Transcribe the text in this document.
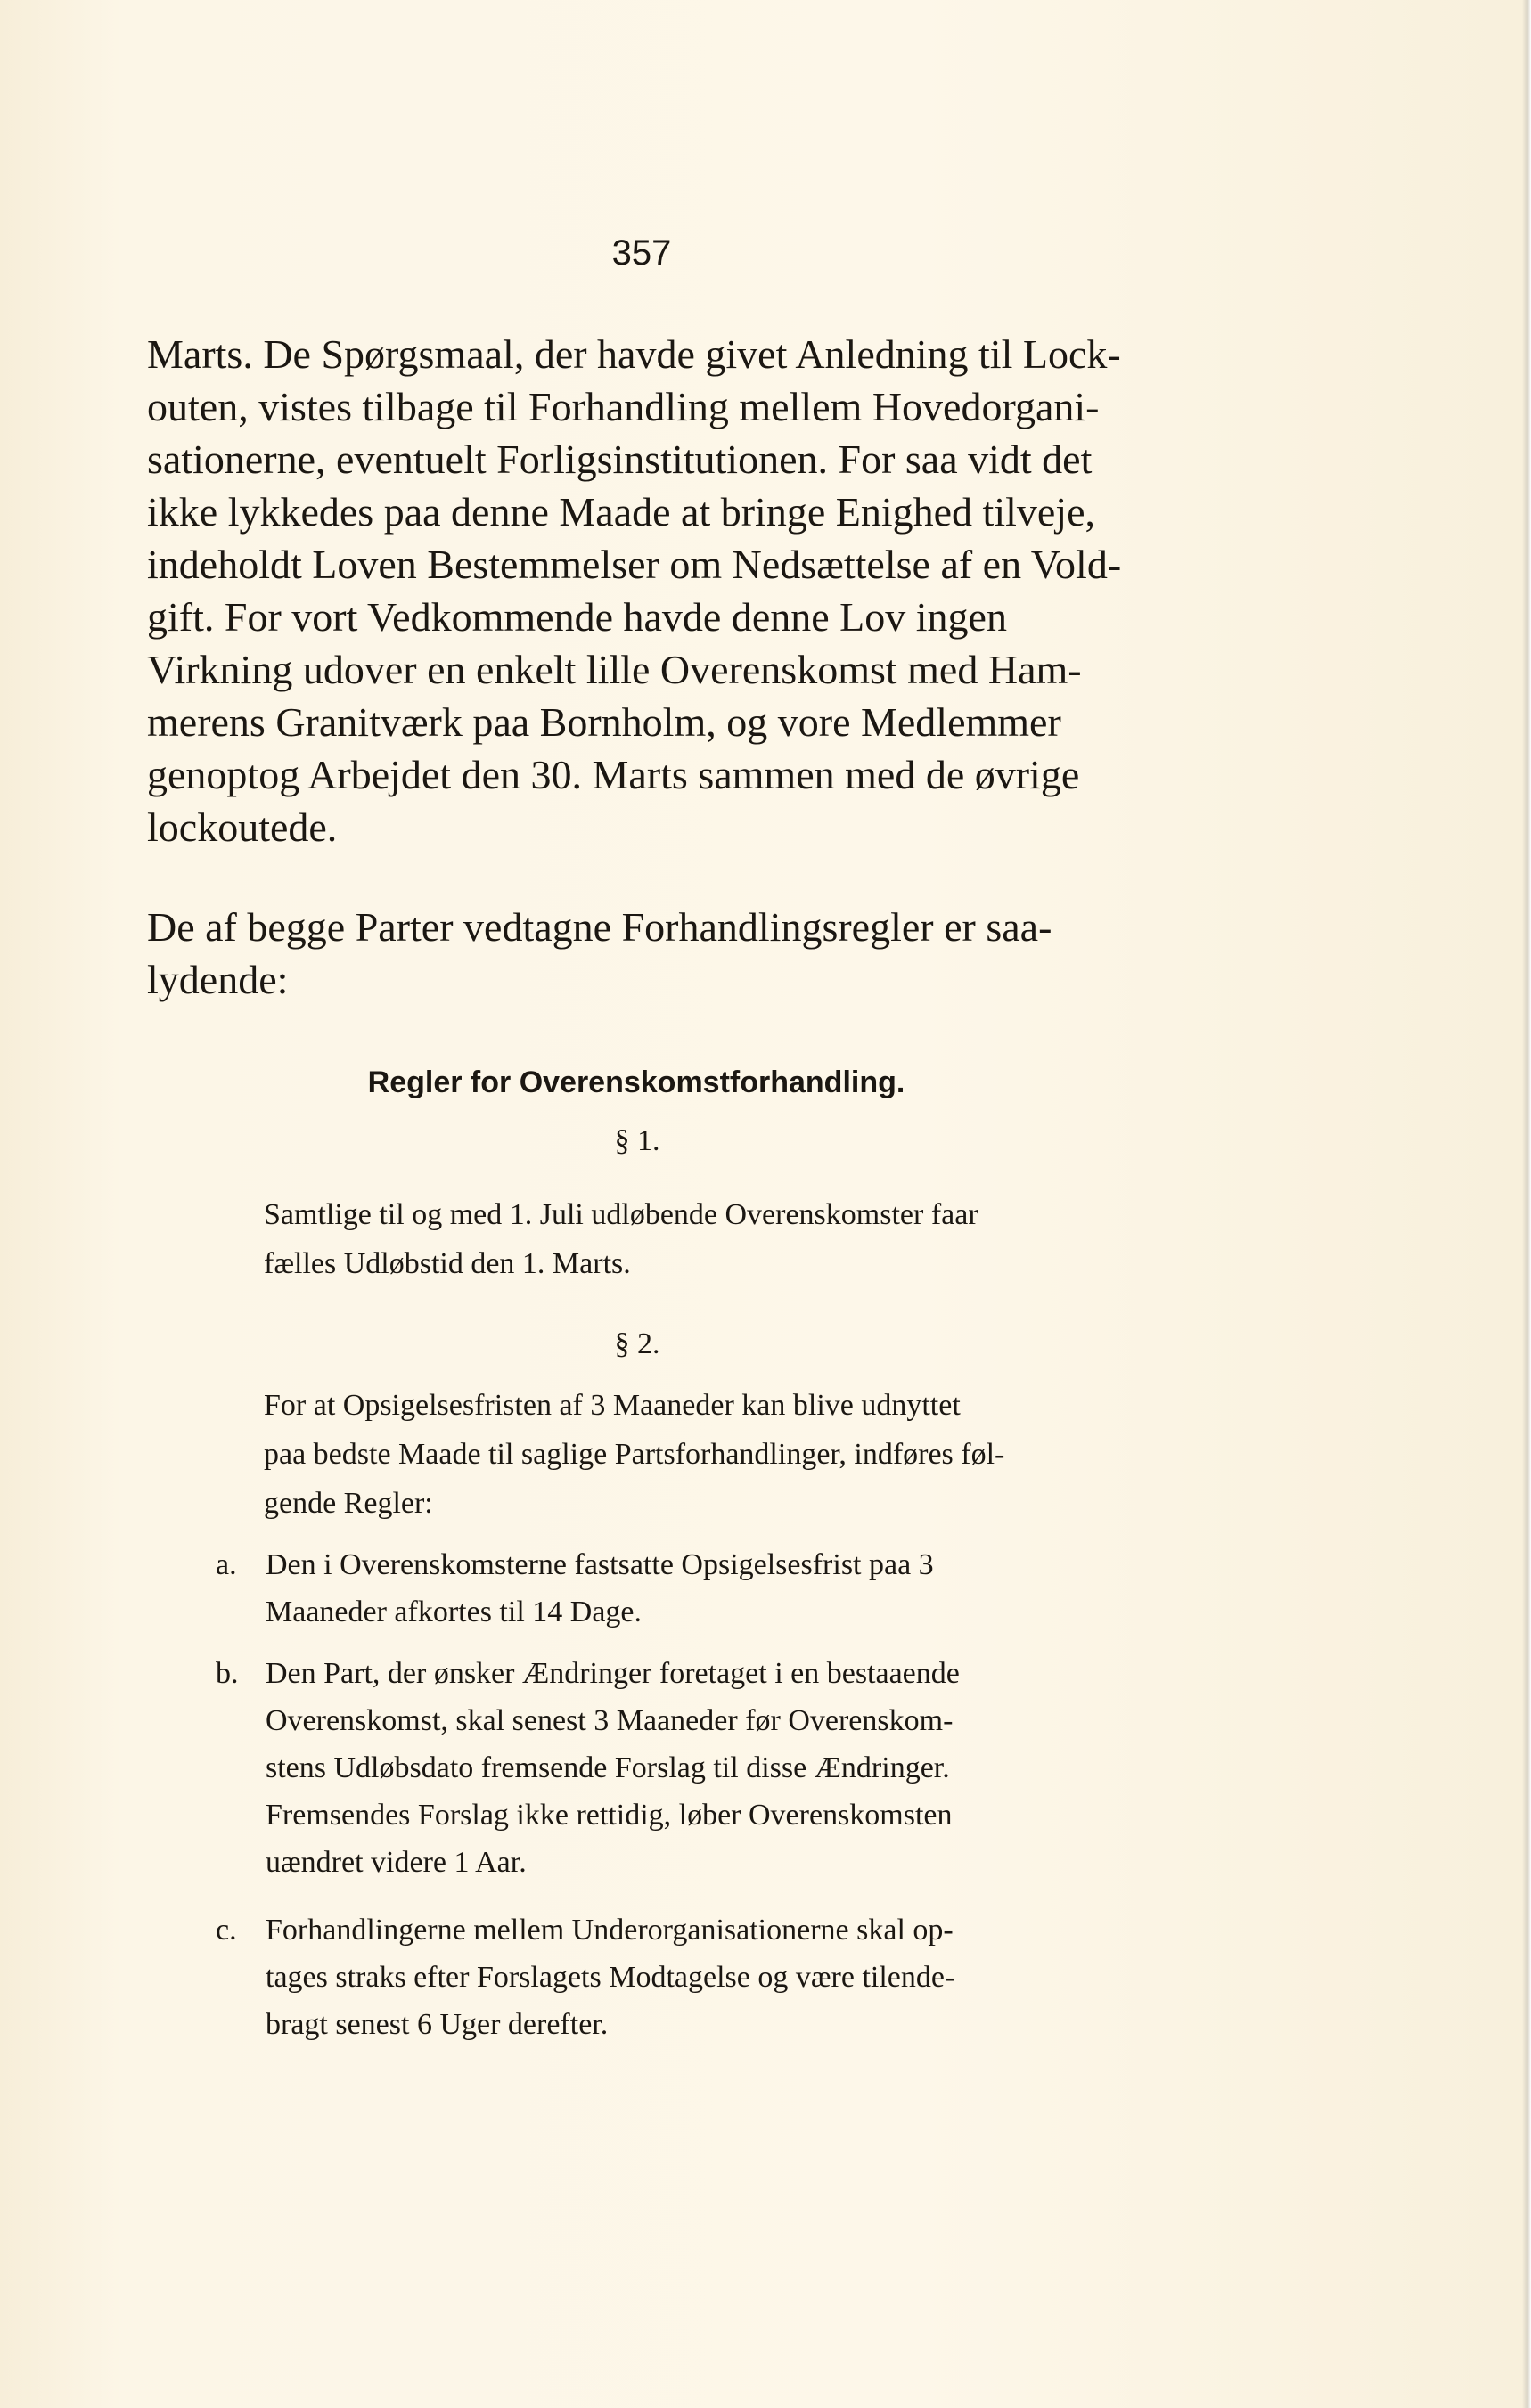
357
Marts. De Spørgsmaal, der havde givet Anledning til Lock-
outen, vistes tilbage til Forhandling mellem Hovedorgani-
sationerne, eventuelt Forligsinstitutionen. For saa vidt det
ikke lykkedes paa denne Maade at bringe Enighed tilveje,
indeholdt Loven Bestemmelser om Nedsættelse af en Vold-
gift. For vort Vedkommende havde denne Lov ingen
Virkning udover en enkelt lille Overenskomst med Ham-
merens Granitværk paa Bornholm, og vore Medlemmer
genoptog Arbejdet den 30. Marts sammen med de øvrige
lockoutede.
De af begge Parter vedtagne Forhandlingsregler er saa-
lydende:
Regler for Overenskomstforhandling.
§ 1.
Samtlige til og med 1. Juli udløbende Overenskomster faar
fælles Udløbstid den 1. Marts.
§ 2.
For at Opsigelsesfristen af 3 Maaneder kan blive udnyttet
paa bedste Maade til saglige Partsforhandlinger, indføres føl-
gende Regler:
a. Den i Overenskomsterne fastsatte Opsigelsesfrist paa 3
Maaneder afkortes til 14 Dage.
b. Den Part, der ønsker Ændringer foretaget i en bestaaende
Overenskomst, skal senest 3 Maaneder før Overenskom-
stens Udløbsdato fremsende Forslag til disse Ændringer.
Fremsendes Forslag ikke rettidig, løber Overenskomsten
uændret videre 1 Aar.
c. Forhandlingerne mellem Underorganisationerne skal op-
tages straks efter Forslagets Modtagelse og være tilende-
bragt senest 6 Uger derefter.
